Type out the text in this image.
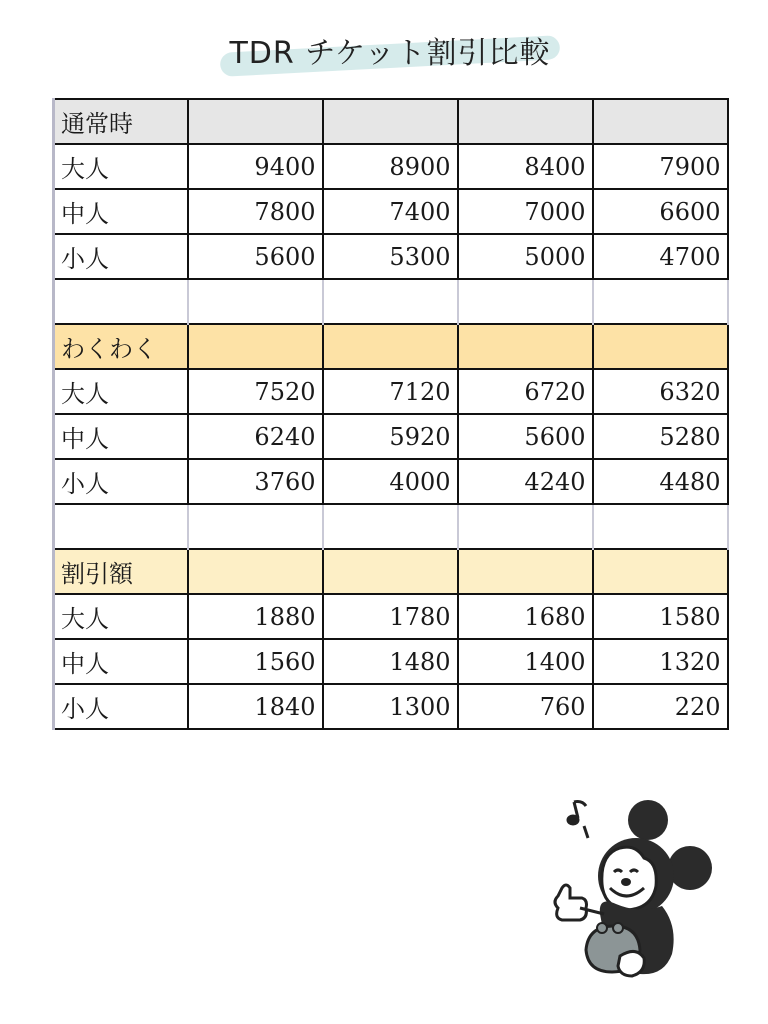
TDR チケット割引比較
通常時				
大人	9400	8900	8400	7900
中人	7800	7400	7000	6600
小人	5600	5300	5000	4700

わくわく				
大人	7520	7120	6720	6320
中人	6240	5920	5600	5280
小人	3760	4000	4240	4480

割引額				
大人	1880	1780	1680	1580
中人	1560	1480	1400	1320
小人	1840	1300	760	220
